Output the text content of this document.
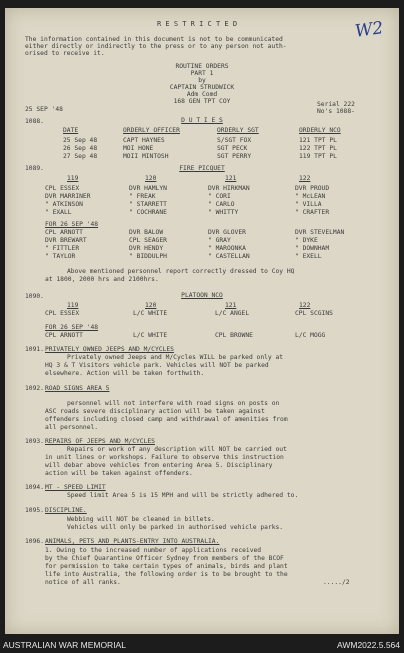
W2
R E S T R I C T E D
The information contained in this document is not to be communicated
either directly or indirectly to the press or to any person not auth-
orised to receive it.
ROUTINE ORDERS
PART 1
by
CAPTAIN STRUDWICK
Adm Comd
168 GEN TPT COY
25 SEP '48
Serial 222
No's 1088-
1088.	D U T I E S
DATE	ORDERLY OFFICER	ORDERLY SGT	ORDERLY NCO
25 Sep 48	CAPT HAYNES	S/SGT FOX	121 TPT PL
26 Sep 48	MOI HONE	SGT PECK	122 TPT PL
27 Sep 48	MOII MINTOSH	SGT PERRY	119 TPT PL
1089.	FIRE PICQUET
119	120	121	122
CPL ESSEX	DVR HAMLYN	DVR HIRKMAN	DVR PROUD
DVR MARRINER	" FREAK	" CORI	" McLEAN
" ATKINSON	" STARRETT	" CARLO	" VILLA
" EXALL	" COCHRANE	" WHITTY	" CRAFTER
FOR 26 SEP '48
CPL ARNOTT	DVR BALOW	DVR GLOVER	DVR STEVELMAN
DVR BREWART	CPL SEAGER	" GRAY	" DYKE
" FITTLER	DVR HENDY	" MAROONKA	" DOWNHAM
" TAYLOR	" BIDDULPH	" CASTELLAN	" EXELL
Above mentioned personnel report correctly dressed to Coy HQ
at 1800, 2000 hrs and 2100hrs.
1090.	PLATOON NCO
119	120	121	122
CPL ESSEX	L/C WHITE	L/C ANGEL	CPL SCGINS
FOR 26 SEP '48
CPL ARNOTT	L/C WHITE	CPL BROWNE	L/C MOGG
1091. PRIVATELY OWNED JEEPS AND M/CYCLES
Privately owned Jeeps and M/Cycles WILL be parked only at
HQ 3 & T Visitors vehicle park. Vehicles will NOT be parked
elsewhere. Action will be taken forthwith.
1092. ROAD SIGNS AREA 5
personnel will not interfere with road signs on posts on
ASC roads severe disciplinary action will be taken against
offenders including closed camp and withdrawal of amenities from
all personnel.
1093. REPAIRS OF JEEPS AND M/CYCLES
Repairs or work of any description will NOT be carried out
in unit lines or workshops. Failure to observe this instruction
will debar above vehicles from entering Area 5. Disciplinary
action will be taken against offenders.
1094. MT - SPEED LIMIT
Speed limit Area 5 is 15 MPH and will be strictly adhered to.
1095. DISCIPLINE.
Webbing will NOT be cleaned in billets.
Vehicles will only be parked in authorised vehicle parks.
1096. ANIMALS, PETS AND PLANTS-ENTRY INTO AUSTRALIA.
1. Owing to the increased number of applications received
by the Chief Quarantine Officer Sydney from members of the BCOF
for permission to take certain types of animals, birds and plant
life into Australia, the following order is to be brought to the
notice of all ranks.	...../2
AUSTRALIAN WAR MEMORIAL	AWM2022.5.564
